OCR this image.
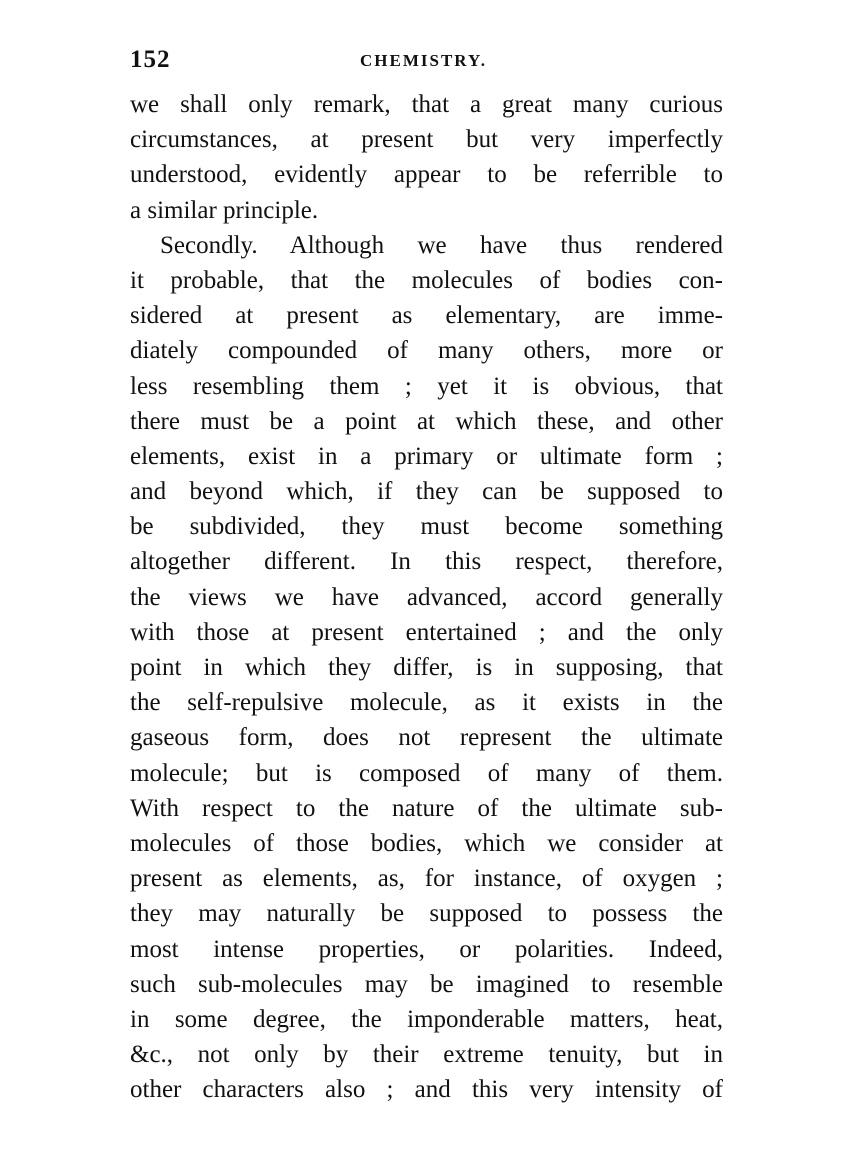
152	CHEMISTRY.
we shall only remark, that a great many curious
circumstances, at present but very imperfectly
understood, evidently appear to be referrible to
a similar principle.
Secondly. Although we have thus rendered
it probable, that the molecules of bodies con-
sidered at present as elementary, are imme-
diately compounded of many others, more or
less resembling them ; yet it is obvious, that
there must be a point at which these, and other
elements, exist in a primary or ultimate form ;
and beyond which, if they can be supposed to
be subdivided, they must become something
altogether different. In this respect, therefore,
the views we have advanced, accord generally
with those at present entertained ; and the only
point in which they differ, is in supposing, that
the self-repulsive molecule, as it exists in the
gaseous form, does not represent the ultimate
molecule; but is composed of many of them.
With respect to the nature of the ultimate sub-
molecules of those bodies, which we consider at
present as elements, as, for instance, of oxygen ;
they may naturally be supposed to possess the
most intense properties, or polarities. Indeed,
such sub-molecules may be imagined to resemble
in some degree, the imponderable matters, heat,
&c., not only by their extreme tenuity, but in
other characters also ; and this very intensity of
